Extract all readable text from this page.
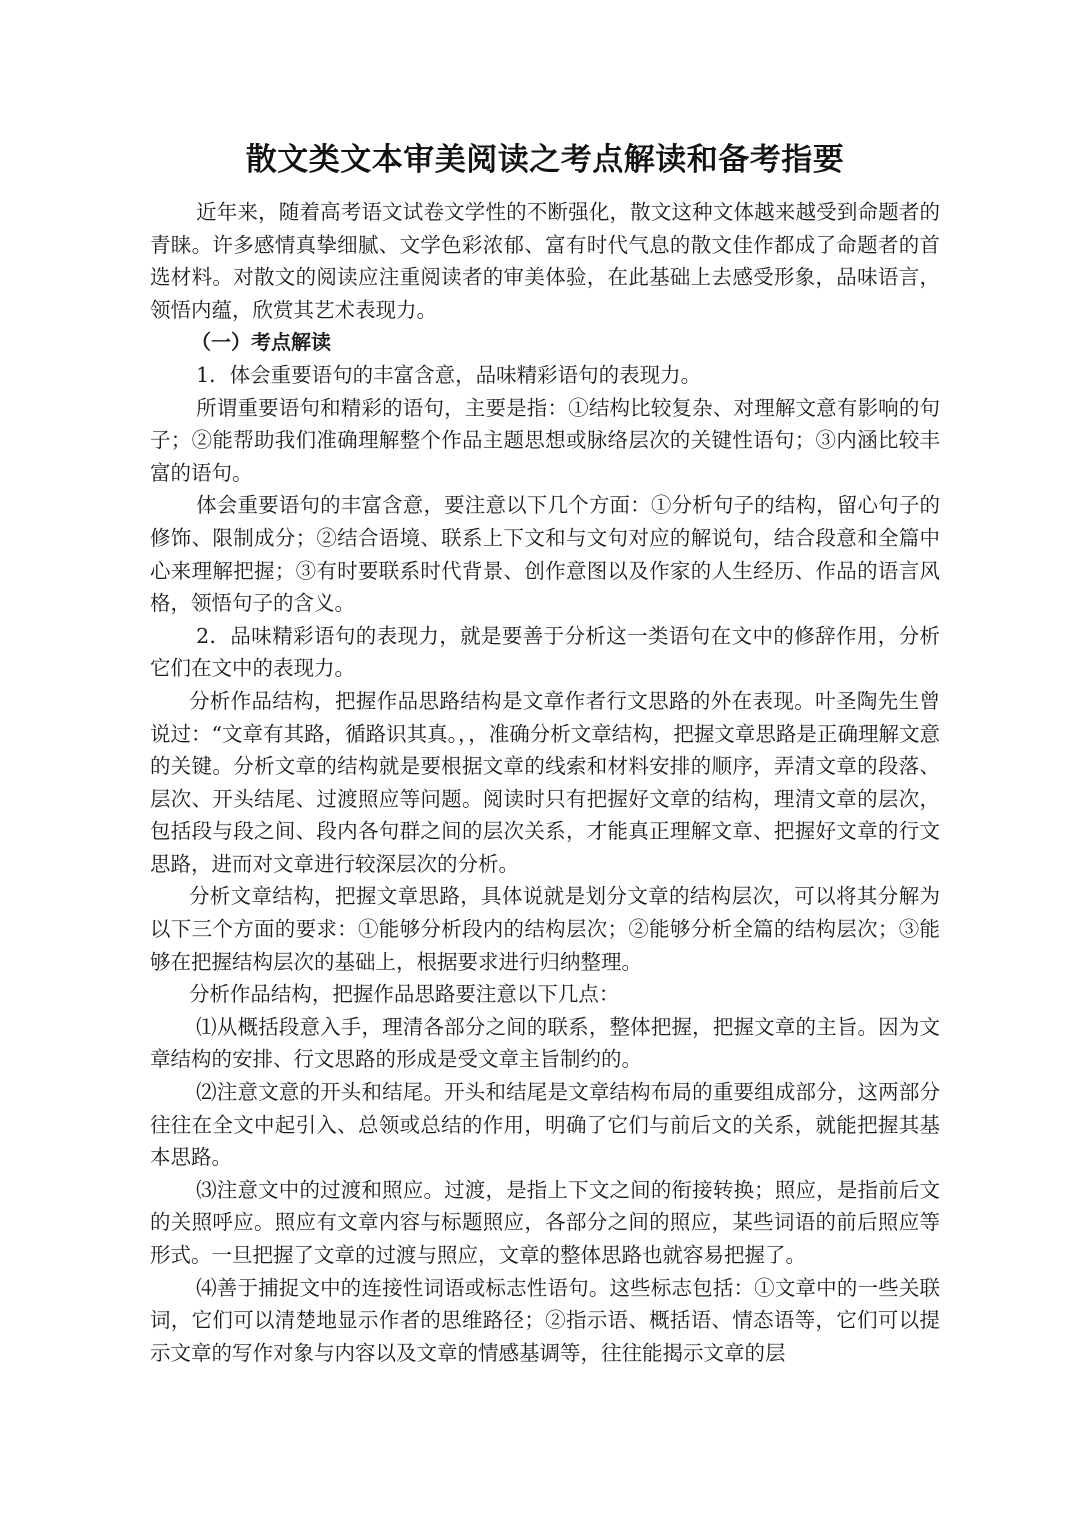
散文类文本审美阅读之考点解读和备考指要

近年来，随着高考语文试卷文学性的不断强化，散文这种文体越来越受到命题者的青睐。许多感情真挚细腻、文学色彩浓郁、富有时代气息的散文佳作都成了命题者的首选材料。对散文的阅读应注重阅读者的审美体验，在此基础上去感受形象，品味语言，领悟内蕴，欣赏其艺术表现力。

（一）考点解读

1．体会重要语句的丰富含意，品味精彩语句的表现力。

所谓重要语句和精彩的语句，主要是指：①结构比较复杂、对理解文意有影响的句子；②能帮助我们准确理解整个作品主题思想或脉络层次的关键性语句；③内涵比较丰富的语句。

体会重要语句的丰富含意，要注意以下几个方面：①分析句子的结构，留心句子的修饰、限制成分；②结合语境、联系上下文和与文句对应的解说句，结合段意和全篇中心来理解把握；③有时要联系时代背景、创作意图以及作家的人生经历、作品的语言风格，领悟句子的含义。

2．品味精彩语句的表现力，就是要善于分析这一类语句在文中的修辞作用，分析它们在文中的表现力。

分析作品结构，把握作品思路结构是文章作者行文思路的外在表现。叶圣陶先生曾说过：“文章有其路，循路识其真。，，准确分析文章结构，把握文章思路是正确理解文意的关键。分析文章的结构就是要根据文章的线索和材料安排的顺序，弄清文章的段落、层次、开头结尾、过渡照应等问题。阅读时只有把握好文章的结构，理清文章的层次，包括段与段之间、段内各句群之间的层次关系，才能真正理解文章、把握好文章的行文思路，进而对文章进行较深层次的分析。

分析文章结构，把握文章思路，具体说就是划分文章的结构层次，可以将其分解为以下三个方面的要求：①能够分析段内的结构层次；②能够分析全篇的结构层次；③能够在把握结构层次的基础上，根据要求进行归纳整理。

分析作品结构，把握作品思路要注意以下几点：

⑴从概括段意入手，理清各部分之间的联系，整体把握，把握文章的主旨。因为文章结构的安排、行文思路的形成是受文章主旨制约的。

⑵注意文意的开头和结尾。开头和结尾是文章结构布局的重要组成部分，这两部分往往在全文中起引入、总领或总结的作用，明确了它们与前后文的关系，就能把握其基本思路。

⑶注意文中的过渡和照应。过渡，是指上下文之间的衔接转换；照应，是指前后文的关照呼应。照应有文章内容与标题照应，各部分之间的照应，某些词语的前后照应等形式。一旦把握了文章的过渡与照应，文章的整体思路也就容易把握了。

⑷善于捕捉文中的连接性词语或标志性语句。这些标志包括：①文章中的一些关联词，它们可以清楚地显示作者的思维路径；②指示语、概括语、情态语等，它们可以提示文章的写作对象与内容以及文章的情感基调等，往往能揭示文章的层
